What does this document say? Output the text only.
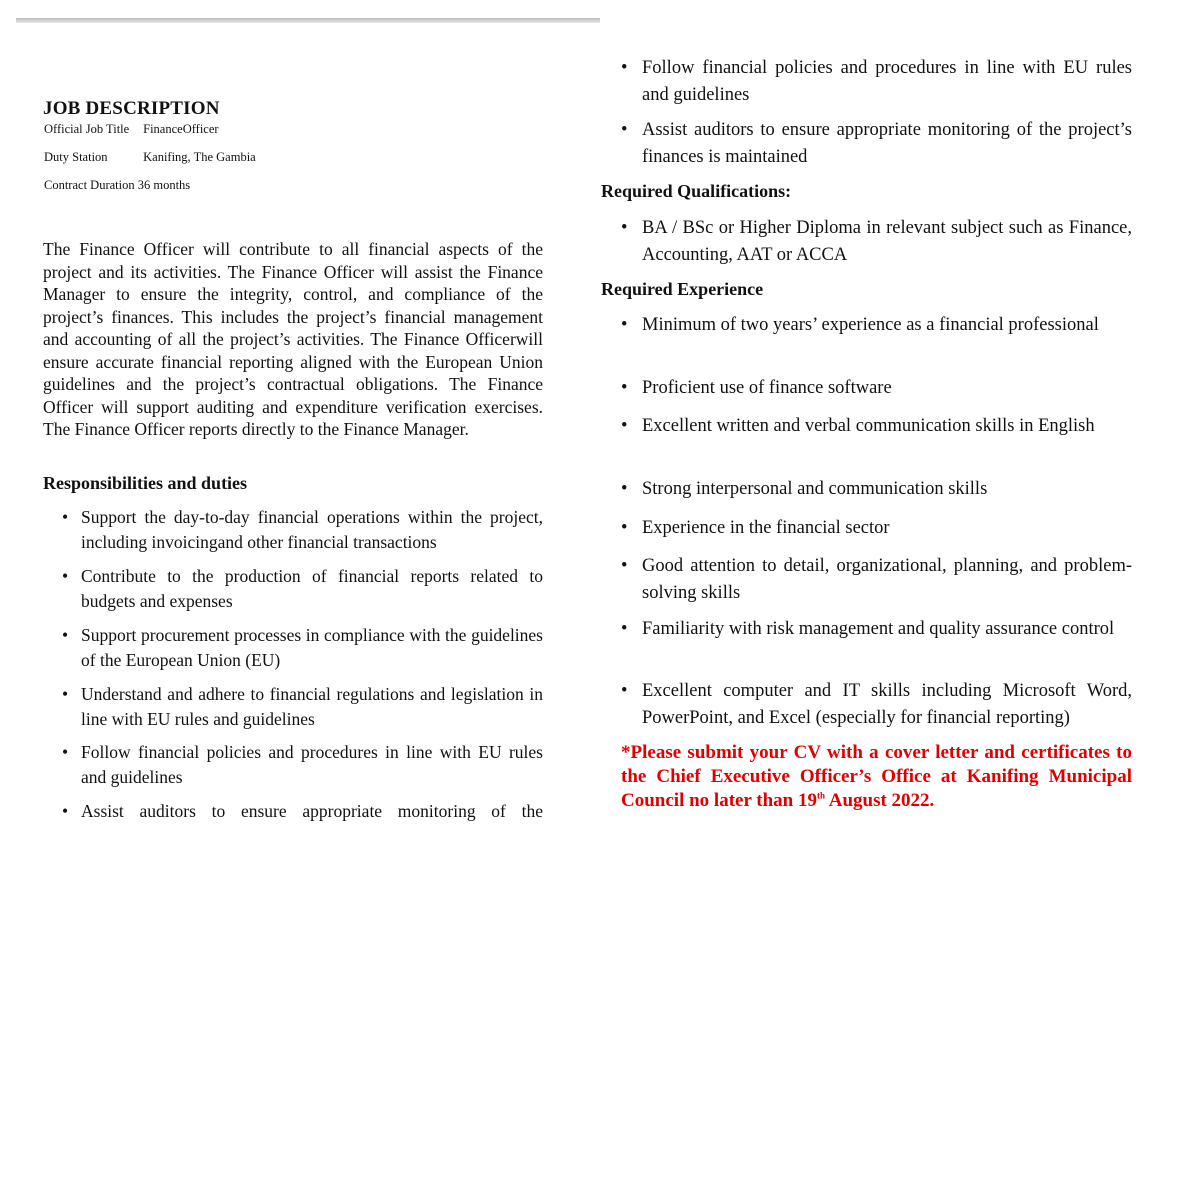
JOB DESCRIPTION
Official Job Title FinanceOfficer
Duty Station	Kanifing, The Gambia
Contract Duration 36 months

The Finance Officer will contribute to all financial aspects of the project and its activities. The Finance Officer will assist the Finance Manager to ensure the integrity, control, and compliance of the project’s finances. This includes the project’s financial management and accounting of all the project’s activities. The Finance Officerwill ensure accurate financial reporting aligned with the European Union guidelines and the project’s contractual obligations. The Finance Officer will support auditing and expenditure verification exercises. The Finance Officer reports directly to the Finance Manager.

Responsibilities and duties

• Support the day-to-day financial operations within the project, including invoicingand other financial transactions

• Contribute to the production of financial reports related to budgets and expenses

• Support procurement processes in compliance with the guidelines of the European Union (EU)

• Understand and adhere to financial regulations and legislation in line with EU rules and guidelines

• Follow financial policies and procedures in line with EU rules and guidelines

• Assist auditors to ensure appropriate monitoring of the

• Follow financial policies and procedures in line with EU rules and guidelines

• Assist auditors to ensure appropriate monitoring of the project’s finances is maintained

Required Qualifications:

• BA / BSc or Higher Diploma in relevant subject such as Finance, Accounting, AAT or ACCA

Required Experience

• Minimum of two years’ experience as a financial professional

• Proficient use of finance software

• Excellent written and verbal communication skills in English

• Strong interpersonal and communication skills

• Experience in the financial sector

• Good attention to detail, organizational, planning, and problem-solving skills

• Familiarity with risk management and quality assurance control

• Excellent computer and IT skills including Microsoft Word, PowerPoint, and Excel (especially for financial reporting)

*Please submit your CV with a cover letter and certificates to the Chief Executive Officer’s Office at Kanifing Municipal Council no later than 19th August 2022.
